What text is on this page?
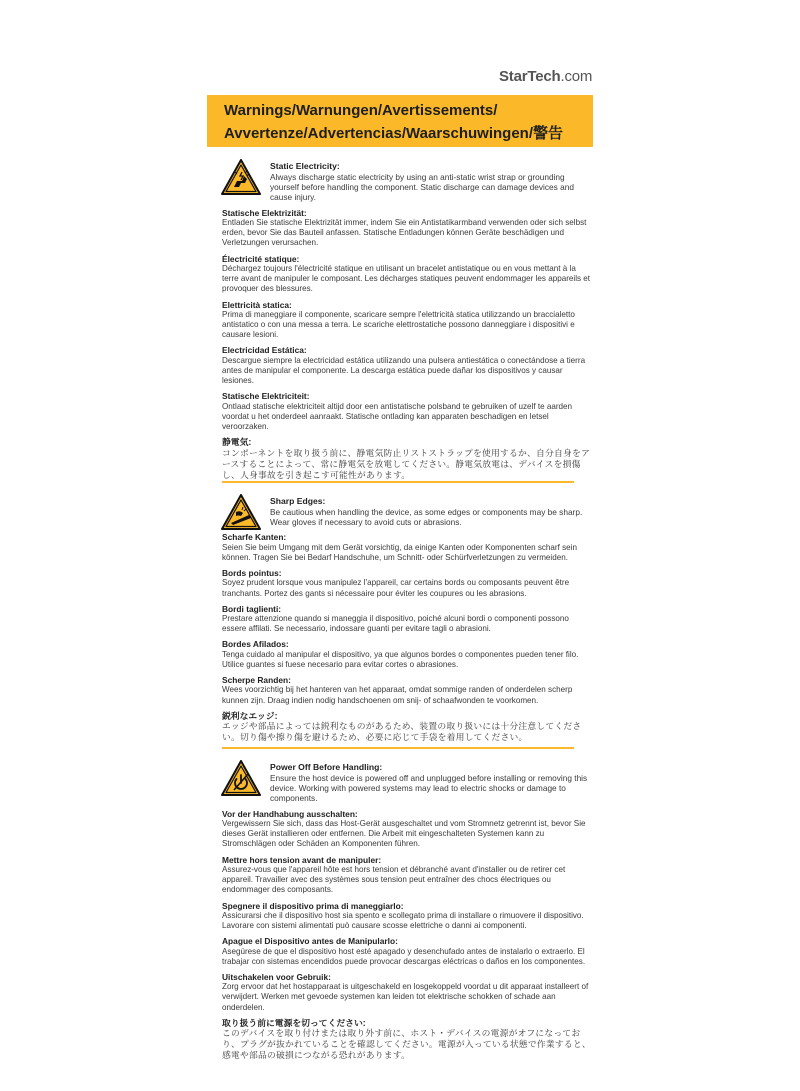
StarTech.com
Warnings/Warnungen/Avertissements/
Avvertenze/Advertencias/Waarschuwingen/警告
Static Electricity:
Always discharge static electricity by using an anti-static wrist strap or grounding yourself before handling the component. Static discharge can damage devices and cause injury.
Statische Elektrizität:
Entladen Sie statische Elektrizität immer, indem Sie ein Antistatikarmband verwenden oder sich selbst erden, bevor Sie das Bauteil anfassen. Statische Entladungen können Geräte beschädigen und Verletzungen verursachen.
Électricité statique:
Déchargez toujours l'électricité statique en utilisant un bracelet antistatique ou en vous mettant à la terre avant de manipuler le composant. Les décharges statiques peuvent endommager les appareils et provoquer des blessures.
Elettricità statica:
Prima di maneggiare il componente, scaricare sempre l'elettricità statica utilizzando un braccialetto antistatico o con una messa a terra. Le scariche elettrostatiche possono danneggiare i dispositivi e causare lesioni.
Electricidad Estática:
Descargue siempre la electricidad estática utilizando una pulsera antiestática o conectándose a tierra antes de manipular el componente. La descarga estática puede dañar los dispositivos y causar lesiones.
Statische Elektriciteit:
Ontlaad statische elektriciteit altijd door een antistatische polsband te gebruiken of uzelf te aarden voordat u het onderdeel aanraakt. Statische ontlading kan apparaten beschadigen en letsel veroorzaken.
静電気:
コンポーネントを取り扱う前に、静電気防止リストストラップを使用するか、自分自身をアースすることによって、常に静電気を放電してください。静電気放電は、デバイスを損傷し、人身事故を引き起こす可能性があります。
Sharp Edges:
Be cautious when handling the device, as some edges or components may be sharp. Wear gloves if necessary to avoid cuts or abrasions.
Scharfe Kanten:
Seien Sie beim Umgang mit dem Gerät vorsichtig, da einige Kanten oder Komponenten scharf sein können. Tragen Sie bei Bedarf Handschuhe, um Schnitt- oder Schürfverletzungen zu vermeiden.
Bords pointus:
Soyez prudent lorsque vous manipulez l'appareil, car certains bords ou composants peuvent être tranchants. Portez des gants si nécessaire pour éviter les coupures ou les abrasions.
Bordi taglienti:
Prestare attenzione quando si maneggia il dispositivo, poiché alcuni bordi o componenti possono essere affilati. Se necessario, indossare guanti per evitare tagli o abrasioni.
Bordes Afilados:
Tenga cuidado al manipular el dispositivo, ya que algunos bordes o componentes pueden tener filo. Utilice guantes si fuese necesario para evitar cortes o abrasiones.
Scherpe Randen:
Wees voorzichtig bij het hanteren van het apparaat, omdat sommige randen of onderdelen scherp kunnen zijn. Draag indien nodig handschoenen om snij- of schaafwonden te voorkomen.
鋭利なエッジ:
エッジや部品によっては鋭利なものがあるため、装置の取り扱いには十分注意してください。切り傷や擦り傷を避けるため、必要に応じて手袋を着用してください。
Power Off Before Handling:
Ensure the host device is powered off and unplugged before installing or removing this device. Working with powered systems may lead to electric shocks or damage to components.
Vor der Handhabung ausschalten:
Vergewissern Sie sich, dass das Host-Gerät ausgeschaltet und vom Stromnetz getrennt ist, bevor Sie dieses Gerät installieren oder entfernen. Die Arbeit mit eingeschalteten Systemen kann zu Stromschlägen oder Schäden an Komponenten führen.
Mettre hors tension avant de manipuler:
Assurez-vous que l'appareil hôte est hors tension et débranché avant d'installer ou de retirer cet appareil. Travailler avec des systèmes sous tension peut entraîner des chocs électriques ou endommager des composants.
Spegnere il dispositivo prima di maneggiarlo:
Assicurarsi che il dispositivo host sia spento e scollegato prima di installare o rimuovere il dispositivo. Lavorare con sistemi alimentati può causare scosse elettriche o danni ai componenti.
Apague el Dispositivo antes de Manipularlo:
Asegúrese de que el dispositivo host esté apagado y desenchufado antes de instalarlo o extraerlo. El trabajar con sistemas encendidos puede provocar descargas eléctricas o daños en los componentes.
Uitschakelen voor Gebruik:
Zorg ervoor dat het hostapparaat is uitgeschakeld en losgekoppeld voordat u dit apparaat installeert of verwijdert. Werken met gevoede systemen kan leiden tot elektrische schokken of schade aan onderdelen.
取り扱う前に電源を切ってください:
このデバイスを取り付けまたは取り外す前に、ホスト・デバイスの電源がオフになっており、プラグが抜かれていることを確認してください。電源が入っている状態で作業すると、感電や部品の破損につながる恐れがあります。
